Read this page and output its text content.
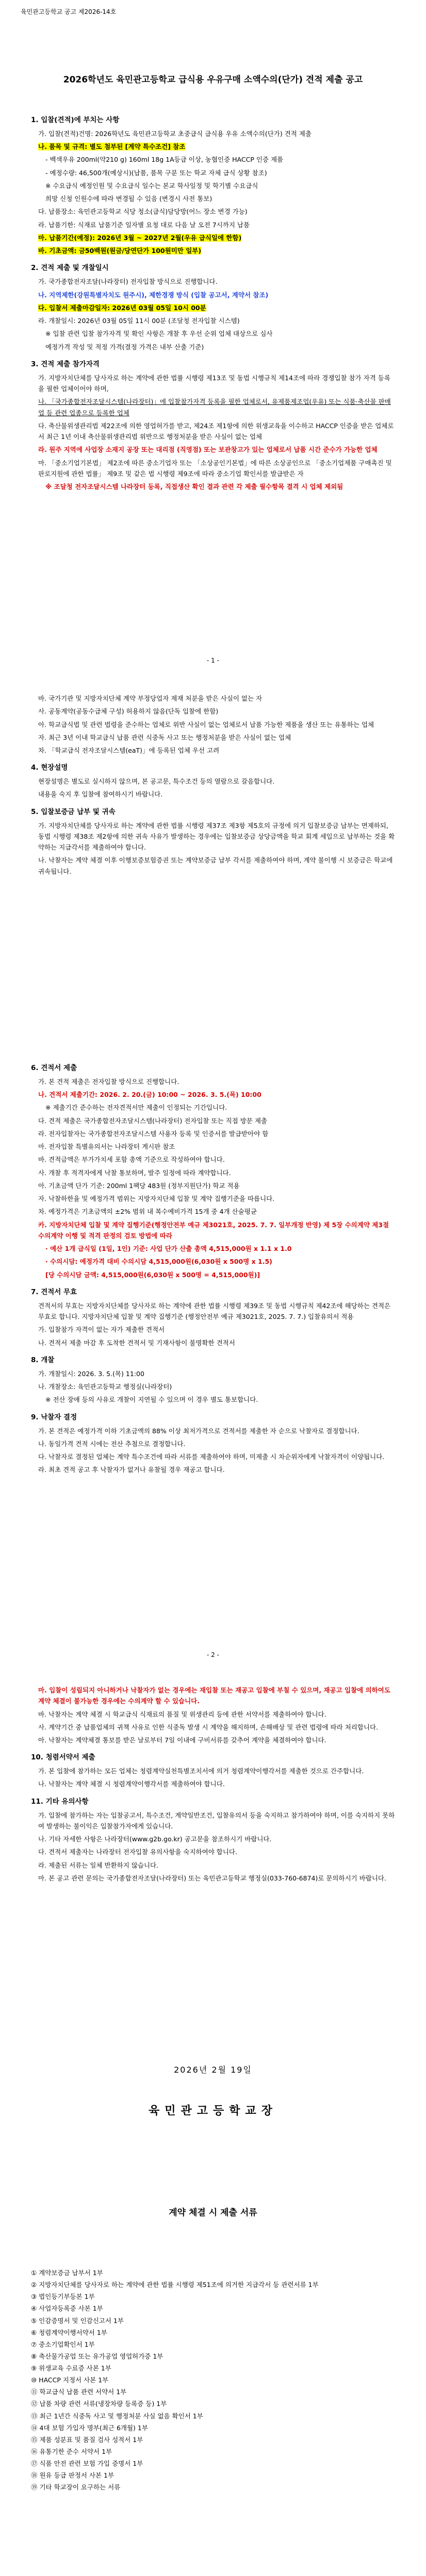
육민관고등학교 공고 제2026-14호
2026학년도 육민관고등학교 급식용 우유구매 소액수의(단가) 견적 제출 공고
1. 입찰(견적)에 부치는 사항

가. 입찰(견적)건명: 2026학년도 육민관고등학교 초중급식 급식용 우유 소액수의(단가) 견적 제출

나. 품목 및 규격: 별도 첨부된 [계약 특수조건] 참조

- 백색우유 200ml(약210 g) 160ml 18g 1A등급 이상, 농협인증 HACCP 인증 제품

- 예정수량: 46,500개(예상시)(납품, 품목 구분 또는 학교 자체 급식 상황 참조)

※ 수요급식 예정인원 및 수요급식 일수는 본교 학사일정 및 학기별 수요급식

희망 신청 인원수에 따라 변경될 수 있음 (변경시 사전 통보)

다. 납품장소: 육민관고등학교 식당 청소(급식)담당방(어느 장소 변경 가능)

라. 납품기한: 식재료 납품기준 일자별 요청 대로 다음 날 오전 7시까지 납품

마. 납품기간(예정): 2026년 3월 ~ 2027년 2월(우유 급식일에 한함)

바. 기초금액: 금50백원(원금/당연단가 100원미만 일부)

2. 견적 제출 및 개찰일시

가. 국가종합전자조달(나라장터) 전자입찰 방식으로 진행합니다.

나. 지역제한(강원특별자치도 원주시), 제한경쟁 방식 (입찰 공고서, 계약서 참조)

다. 입찰서 제출마감일자: 2026년 03월 05일 10시 00분

라. 개찰일시: 2026년 03월 05일 11시 00분 (조달청 전자입찰 시스템)

※ 입찰 관련 입찰 참가자격 및 확인 사항은 개찰 후 우선 순위 업체 대상으로 심사

예정가격 작성 및 적정 가격(결정 가격은 내부 산출 기준)

3. 견적 제출 참가자격

가. 지방자치단체를 당사자로 하는 계약에 관한 법률 시행령 제13조 및 동법 시행규칙 제14조에 따라 경쟁입찰 참가 자격 등록을 필한 업체이어야 하며,

나. 「국가종합전자조달시스템(나라장터)」에 입찰참가자격 등록을 필한 업체로서, 유제품제조업(우유) 또는 식품·축산물 판매업 등 관련 업종으로 등록한 업체

다. 축산물위생관리법 제22조에 의한 영업허가를 받고, 제24조 제1항에 의한 위생교육을 이수하고 HACCP 인증을 받은 업체로서 최근 1년 이내 축산물위생관리법 위반으로 행정처분을 받은 사실이 없는 업체

라. 원주 지역에 사업장 소재지 공장 또는 대리점 (직영점) 또는 보관창고가 있는 업체로서 납품 시간 준수가 가능한 업체

마. 「중소기업기본법」 제2조에 따른 중소기업자 또는 「소상공인기본법」에 따른 소상공인으로 「중소기업제품 구매촉진 및 판로지원에 관한 법률」 제9조 및 같은 법 시행령 제9조에 따라 중소기업 확인서를 발급받은 자

※ 조달청 전자조달시스템 나라장터 등록, 직접생산 확인 결과 관련 각 제출 필수항목 결격 시 업체 제외됨

- 1 -

바. 국가기관 및 지방자치단체 계약 부정당업자 제재 처분을 받은 사실이 없는 자

사. 공동계약(공동수급체 구성) 허용하지 않음(단독 입찰에 한함)

아. 학교급식법 및 관련 법령을 준수하는 업체로 위반 사실이 없는 업체로서 납품 가능한 제품을 생산 또는 유통하는 업체

자. 최근 3년 이내 학교급식 납품 관련 식중독 사고 또는 행정처분을 받은 사실이 없는 업체

차. 「학교급식 전자조달시스템(eaT)」에 등록된 업체 우선 고려

4. 현장설명

현장설명은 별도로 실시하지 않으며, 본 공고문, 특수조건 등의 열람으로 갈음합니다.

내용을 숙지 후 입찰에 참여하시기 바랍니다.

5. 입찰보증금 납부 및 귀속

가. 지방자치단체를 당사자로 하는 계약에 관한 법률 시행령 제37조 제3항 제5호의 규정에 의거 입찰보증금 납부는 면제하되, 동법 시행령 제38조 제2항에 의한 귀속 사유가 발생하는 경우에는 입찰보증금 상당금액을 학교 회계 세입으로 납부하는 것을 확약하는 지급각서를 제출하여야 합니다.

나. 낙찰자는 계약 체결 이후 이행보증보험증권 또는 계약보증금 납부 각서를 제출하여야 하며, 계약 불이행 시 보증금은 학교에 귀속됩니다.

6. 견적서 제출

가. 본 견적 제출은 전자입찰 방식으로 진행합니다.

나. 견적서 제출기간: 2026. 2. 20.(금) 10:00 ~ 2026. 3. 5.(목) 10:00

※ 제출기간 준수하는 전자견적서만 제출이 인정되는 기간입니다.

다. 견적 제출은 국가종합전자조달시스템(나라장터) 전자입찰 또는 직접 방문 제출

라. 전자입찰자는 국가종합전자조달시스템 사용자 등록 및 인증서를 발급받아야 함

마. 전자입찰 특별유의서는 나라장터 게시판 참조

바. 견적금액은 부가가치세 포함 총액 기준으로 작성하여야 합니다.

사. 개찰 후 적격자에게 낙찰 통보하며, 발주 일정에 따라 계약합니다.

아. 기초금액 단가 기준: 200ml 1팩당 483원 (정부지원단가) 학교 적용

자. 낙찰하한율 및 예정가격 범위는 지방자치단체 입찰 및 계약 집행기준을 따릅니다.

차. 예정가격은 기초금액의 ±2% 범위 내 복수예비가격 15개 중 4개 산술평균

카. 지방자치단체 입찰 및 계약 집행기준(행정안전부 예규 제3021호, 2025. 7. 7. 일부개정 반영) 제 5장 수의계약 제3절 수의계약 이행 및 적격 판정의 검토 방법에 따라

· 예산 1개 급식일 (1일, 1인) 기준: 사업 단가 산출 총액 4,515,000원 x 1.1 x 1.0

· 수의시담: 예정가격 대비 수의시담 4,515,000원(6,030원 x 500명 x 1.5)

[당 수의시담 금액: 4,515,000원(6,030원 x 500명 = 4,515,000원)]

7. 견적서 무효

견적서의 무효는 지방자치단체를 당사자로 하는 계약에 관한 법률 시행령 제39조 및 동법 시행규칙 제42조에 해당하는 견적은 무효로 합니다. 지방자치단체 입찰 및 계약 집행기준 (행정안전부 예규 제3021호, 2025. 7. 7.) 입찰유의서 적용

가. 입찰참가 자격이 없는 자가 제출한 견적서

나. 견적서 제출 마감 후 도착한 견적서 및 기재사항이 불명확한 견적서

8. 개찰

가. 개찰일시: 2026. 3. 5.(목) 11:00

나. 개찰장소: 육민관고등학교 행정실(나라장터)

※ 전산 장애 등의 사유로 개찰이 지연될 수 있으며 이 경우 별도 통보합니다.

9. 낙찰자 결정

가. 본 견적은 예정가격 이하 기초금액의 88% 이상 최저가격으로 견적서를 제출한 자 순으로 낙찰자로 결정합니다.

나. 동일가격 견적 시에는 전산 추첨으로 결정합니다.

다. 낙찰자로 결정된 업체는 계약 특수조건에 따라 서류를 제출하여야 하며, 미제출 시 차순위자에게 낙찰자격이 이양됩니다.

라. 최초 견적 공고 후 낙찰자가 없거나 유찰될 경우 재공고 합니다.

- 2 -

마. 입찰이 성립되지 아니하거나 낙찰자가 없는 경우에는 재입찰 또는 재공고 입찰에 부칠 수 있으며, 재공고 입찰에 의하여도 계약 체결이 불가능한 경우에는 수의계약 할 수 있습니다.

바. 낙찰자는 계약 체결 시 학교급식 식재료의 품질 및 위생관리 등에 관한 서약서를 제출하여야 합니다.

사. 계약기간 중 납품업체의 귀책 사유로 인한 식중독 발생 시 계약을 해지하며, 손해배상 및 관련 법령에 따라 처리합니다.

아. 낙찰자는 계약체결 통보를 받은 날로부터 7일 이내에 구비서류를 갖추어 계약을 체결하여야 합니다.

10. 청렴서약서 제출

가. 본 입찰에 참가하는 모든 업체는 청렴계약실천특별조치서에 의거 청렴계약이행각서를 제출한 것으로 간주합니다.

나. 낙찰자는 계약 체결 시 청렴계약이행각서를 제출하여야 합니다.

11. 기타 유의사항

가. 입찰에 참가하는 자는 입찰공고서, 특수조건, 계약일반조건, 입찰유의서 등을 숙지하고 참가하여야 하며, 이를 숙지하지 못하여 발생하는 불이익은 입찰참가자에게 있습니다.

나. 기타 자세한 사항은 나라장터(www.g2b.go.kr) 공고문을 참조하시기 바랍니다.

다. 견적서 제출자는 나라장터 전자입찰 유의사항을 숙지하여야 합니다.

라. 제출된 서류는 일체 반환하지 않습니다.

마. 본 공고 관련 문의는 국가종합전자조달(나라장터) 또는 육민관고등학교 행정실(033-760-6874)로 문의하시기 바랍니다.

2026년 2월 19일
육민관고등학교장
계약 체결 시 제출 서류
① 계약보증금 납부서 1부
② 지방자치단체를 당사자로 하는 계약에 관한 법률 시행령 제51조에 의거한 지급각서 등 관련서류 1부
③ 법인등기부등본 1부
④ 사업자등록증 사본 1부
⑤ 인감증명서 및 인감신고서 1부
⑥ 청렴계약이행서약서 1부
⑦ 중소기업확인서 1부
⑧ 축산물가공업 또는 유가공업 영업허가증 1부
⑨ 위생교육 수료증 사본 1부
⑩ HACCP 지정서 사본 1부
⑪ 학교급식 납품 관련 서약서 1부
⑫ 납품 차량 관련 서류(냉장차량 등록증 등) 1부
⑬ 최근 1년간 식중독 사고 및 행정처분 사실 없음 확인서 1부
⑭ 4대 보험 가입자 명부(최근 6개월) 1부
⑮ 제품 성분표 및 품질 검사 성적서 1부
⑯ 유통기한 준수 서약서 1부
⑰ 식품 안전 관련 보험 가입 증명서 1부
⑱ 원유 등급 판정서 사본 1부
⑲ 기타 학교장이 요구하는 서류
